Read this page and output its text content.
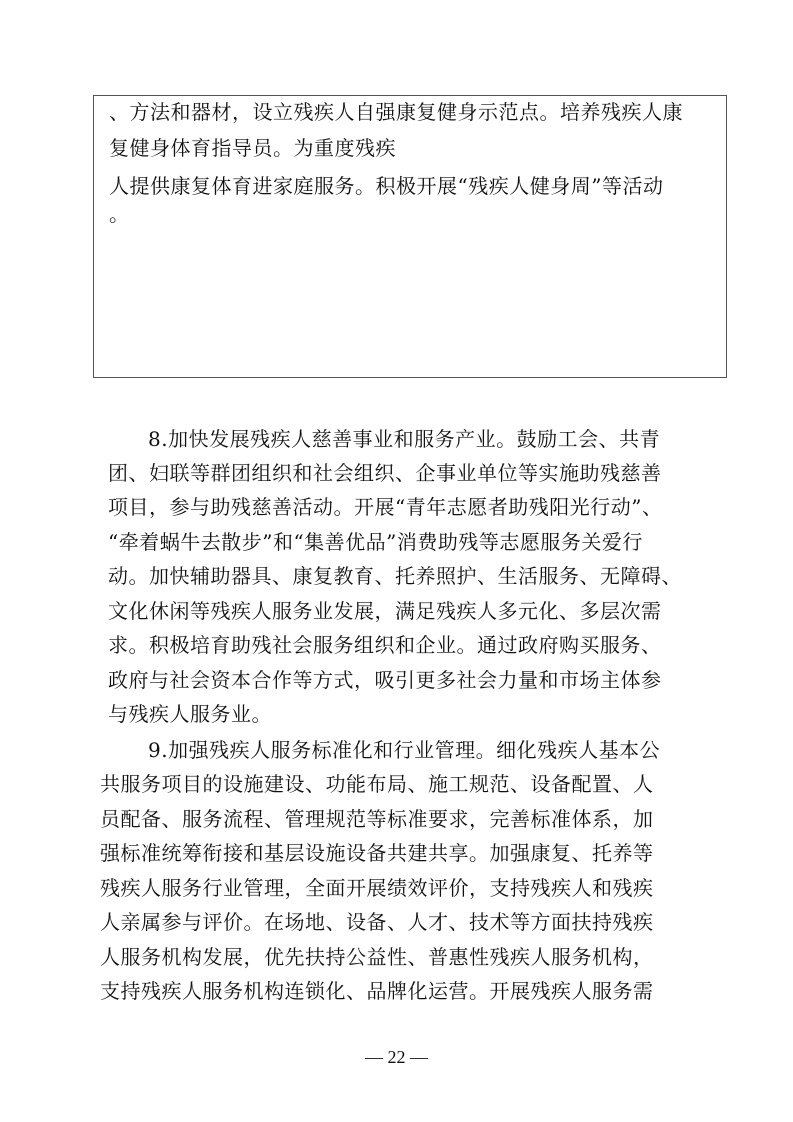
、方法和器材，设立残疾人自强康复健身示范点。培养残疾人康
复健身体育指导员。为重度残疾
人提供康复体育进家庭服务。积极开展“残疾人健身周”等活动
。
8.加快发展残疾人慈善事业和服务产业。鼓励工会、共青
团、妇联等群团组织和社会组织、企事业单位等实施助残慈善
项目，参与助残慈善活动。开展“青年志愿者助残阳光行动”、
“牵着蜗牛去散步”和“集善优品”消费助残等志愿服务关爱行
动。加快辅助器具、康复教育、托养照护、生活服务、无障碍、
文化休闲等残疾人服务业发展，满足残疾人多元化、多层次需
求。积极培育助残社会服务组织和企业。通过政府购买服务、
政府与社会资本合作等方式，吸引更多社会力量和市场主体参
与残疾人服务业。
9.加强残疾人服务标准化和行业管理。细化残疾人基本公
共服务项目的设施建设、功能布局、施工规范、设备配置、人
员配备、服务流程、管理规范等标准要求，完善标准体系，加
强标准统筹衔接和基层设施设备共建共享。加强康复、托养等
残疾人服务行业管理，全面开展绩效评价，支持残疾人和残疾
人亲属参与评价。在场地、设备、人才、技术等方面扶持残疾
人服务机构发展，优先扶持公益性、普惠性残疾人服务机构，
支持残疾人服务机构连锁化、品牌化运营。开展残疾人服务需
— 22 —
